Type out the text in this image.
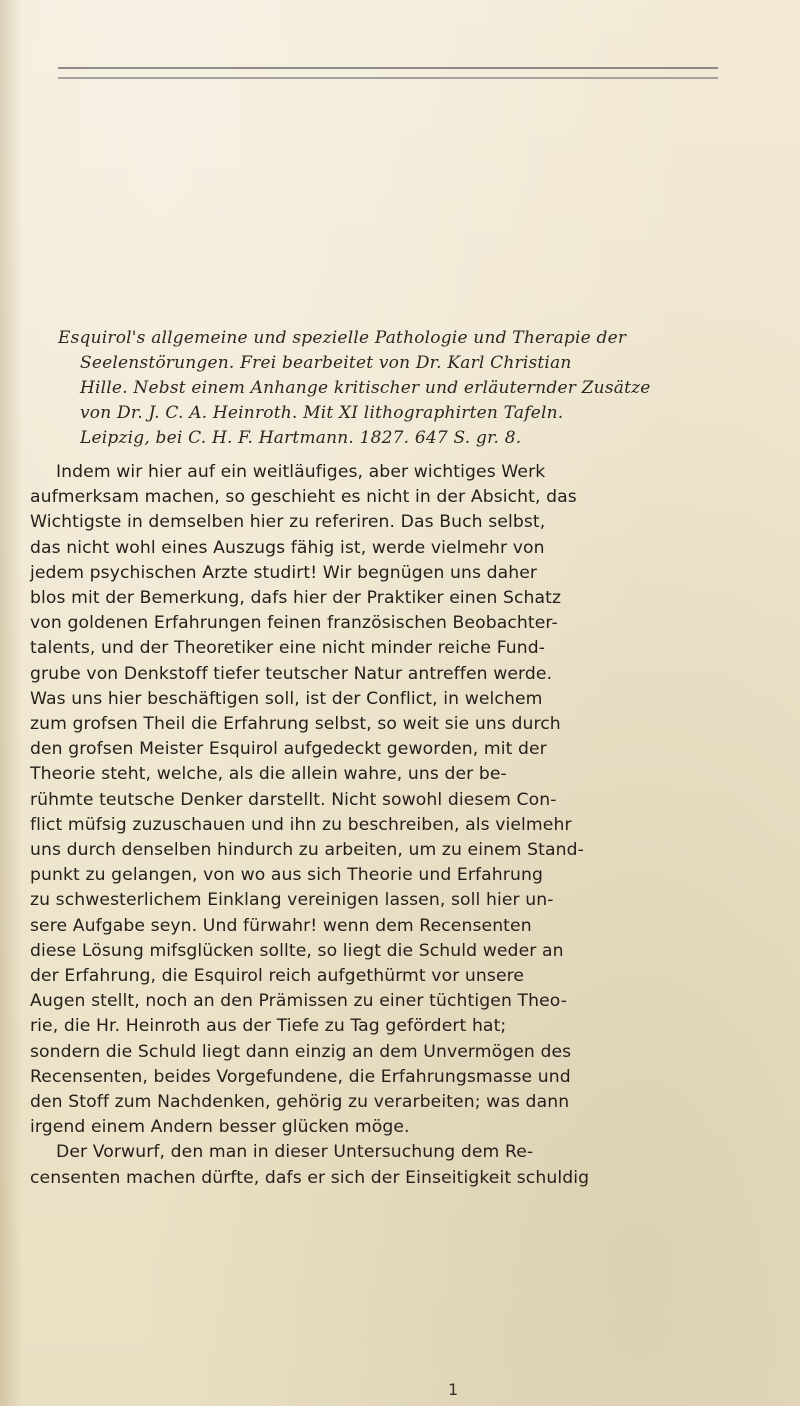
Esquirol's allgemeine und spezielle Pathologie und Therapie der
Seelenstörungen. Frei bearbeitet von Dr. Karl Christian
Hille. Nebst einem Anhange kritischer und erläuternder Zusätze
von Dr. J. C. A. Heinroth. Mit XI lithographirten Tafeln.
Leipzig, bei C. H. F. Hartmann. 1827. 647 S. gr. 8.
Indem wir hier auf ein weitläufiges, aber wichtiges Werk
aufmerksam machen, so geschieht es nicht in der Absicht, das
Wichtigste in demselben hier zu referiren. Das Buch selbst,
das nicht wohl eines Auszugs fähig ist, werde vielmehr von
jedem psychischen Arzte studirt! Wir begnügen uns daher
blos mit der Bemerkung, dafs hier der Praktiker einen Schatz
von goldenen Erfahrungen feinen französischen Beobachter-
talents, und der Theoretiker eine nicht minder reiche Fund-
grube von Denkstoff tiefer teutscher Natur antreffen werde.
Was uns hier beschäftigen soll, ist der Conflict, in welchem
zum grofsen Theil die Erfahrung selbst, so weit sie uns durch
den grofsen Meister Esquirol aufgedeckt geworden, mit der
Theorie steht, welche, als die allein wahre, uns der be-
rühmte teutsche Denker darstellt. Nicht sowohl diesem Con-
flict müfsig zuzuschauen und ihn zu beschreiben, als vielmehr
uns durch denselben hindurch zu arbeiten, um zu einem Stand-
punkt zu gelangen, von wo aus sich Theorie und Erfahrung
zu schwesterlichem Einklang vereinigen lassen, soll hier un-
sere Aufgabe seyn. Und fürwahr! wenn dem Recensenten
diese Lösung mifsglücken sollte, so liegt die Schuld weder an
der Erfahrung, die Esquirol reich aufgethürmt vor unsere
Augen stellt, noch an den Prämissen zu einer tüchtigen Theo-
rie, die Hr. Heinroth aus der Tiefe zu Tag gefördert hat;
sondern die Schuld liegt dann einzig an dem Unvermögen des
Recensenten, beides Vorgefundene, die Erfahrungsmasse und
den Stoff zum Nachdenken, gehörig zu verarbeiten; was dann
irgend einem Andern besser glücken möge.
Der Vorwurf, den man in dieser Untersuchung dem Re-
censenten machen dürfte, dafs er sich der Einseitigkeit schuldig
1
